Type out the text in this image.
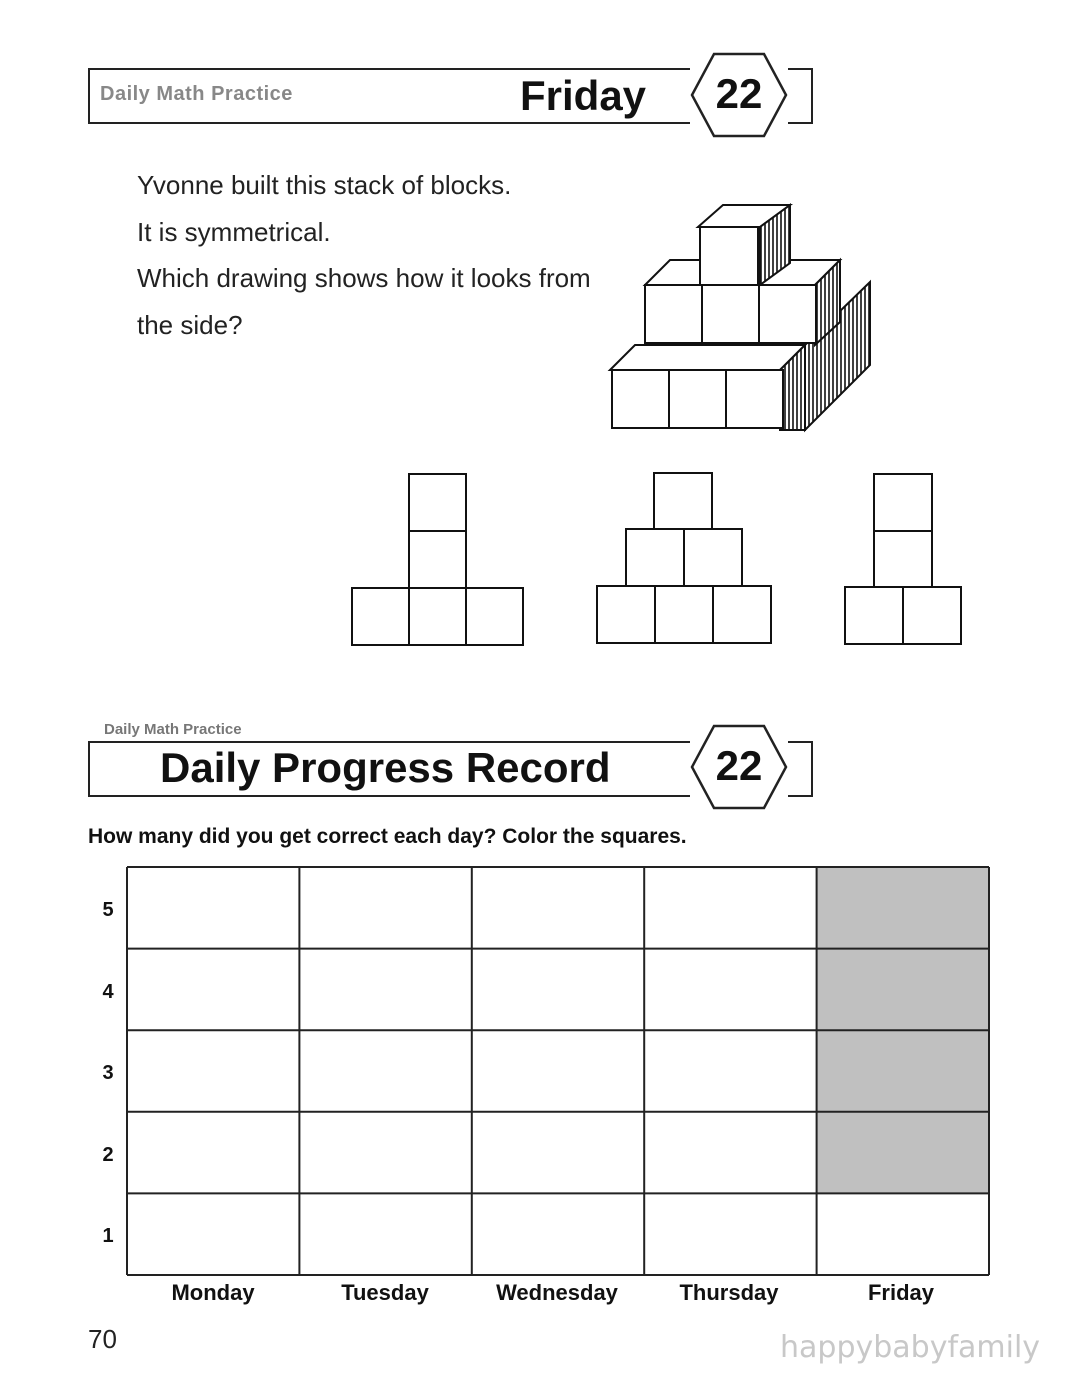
Daily Math Practice	Friday	22
Yvonne built this stack of blocks.
It is symmetrical.
Which drawing shows how it looks from
the side?
Daily Math Practice
Daily Progress Record	22
How many did you get correct each day? Color the squares.
5
4
3
2
1
Monday	Tuesday	Wednesday	Thursday	Friday
70	happybabyfamily
